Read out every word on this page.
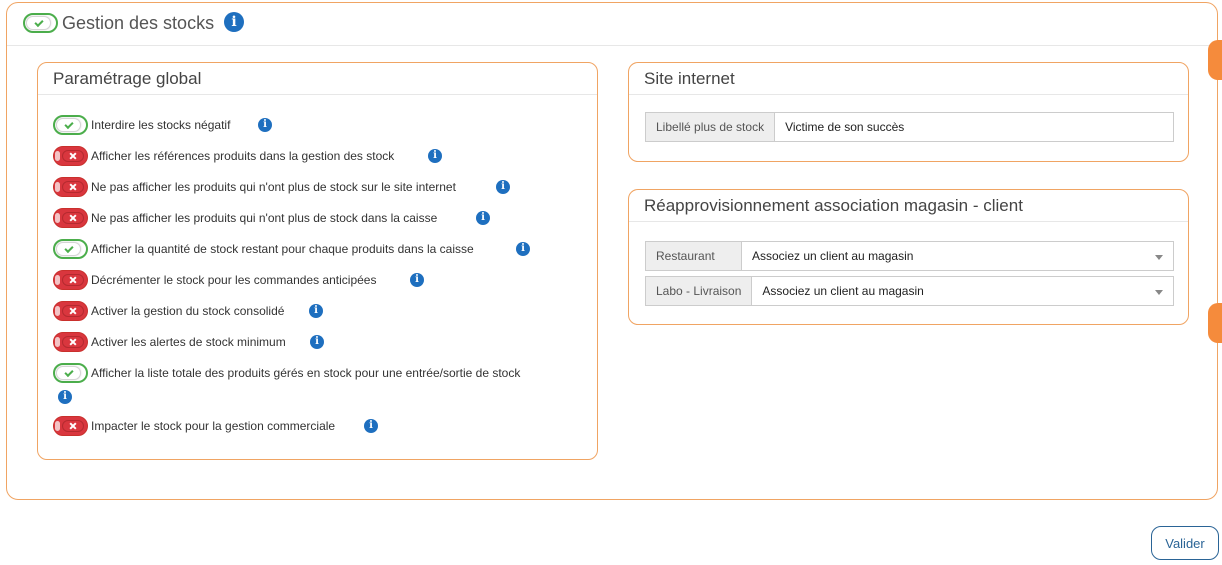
Gestion des stocks	i
Paramétrage global
Interdire les stocks négatif	i
Afficher les références produits dans la gestion des stock	i
Ne pas afficher les produits qui n'ont plus de stock sur le site internet	i
Ne pas afficher les produits qui n'ont plus de stock dans la caisse	i
Afficher la quantité de stock restant pour chaque produits dans la caisse	i
Décrémenter le stock pour les commandes anticipées	i
Activer la gestion du stock consolidé	i
Activer les alertes de stock minimum	i
Afficher la liste totale des produits gérés en stock pour une entrée/sortie de stock
i
Impacter le stock pour la gestion commerciale	i
Site internet
Libellé plus de stock	Victime de son succès
Réapprovisionnement association magasin - client
Restaurant	Associez un client au magasin
Labo - Livraison	Associez un client au magasin
Valider
